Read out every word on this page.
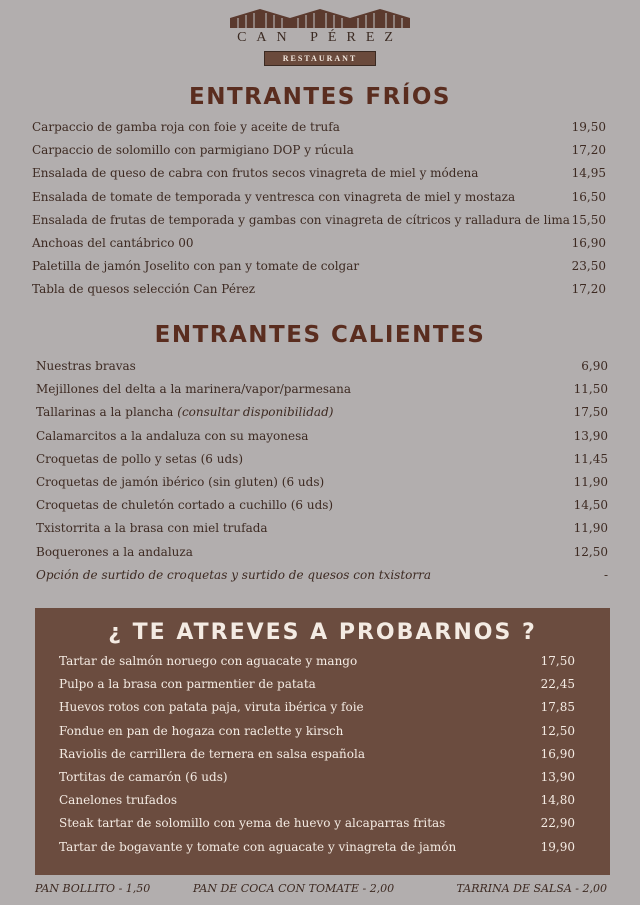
CAN PÉREZ
RESTAURANT
ENTRANTES FRÍOS
Carpaccio de gamba roja con foie y aceite de trufa	19,50
Carpaccio de solomillo con parmigiano DOP y rúcula	17,20
Ensalada de queso de cabra con frutos secos vinagreta de miel y módena	14,95
Ensalada de tomate de temporada y ventresca con vinagreta de miel y mostaza	16,50
Ensalada de frutas de temporada y gambas con vinagreta de cítricos y ralladura de lima 15,50
Anchoas del cantábrico 00	16,90
Paletilla de jamón Joselito con pan y tomate de colgar	23,50
Tabla de quesos selección Can Pérez	17,20
ENTRANTES CALIENTES
Nuestras bravas	6,90
Mejillones del delta a la marinera/vapor/parmesana	11,50
Tallarinas a la plancha (consultar disponibilidad)	17,50
Calamarcitos a la andaluza con su mayonesa	13,90
Croquetas de pollo y setas (6 uds)	11,45
Croquetas de jamón ibérico (sin gluten) (6 uds)	11,90
Croquetas de chuletón cortado a cuchillo (6 uds)	14,50
Txistorrita a la brasa con miel trufada	11,90
Boquerones a la andaluza	12,50
Opción de surtido de croquetas y surtido de quesos con txistorra	-
¿ TE ATREVES A PROBARNOS ?
Tartar de salmón noruego con aguacate y mango	17,50
Pulpo a la brasa con parmentier de patata	22,45
Huevos rotos con patata paja, viruta ibérica y foie	17,85
Fondue en pan de hogaza con raclette y kirsch	12,50
Raviolis de carrillera de ternera en salsa española	16,90
Tortitas de camarón (6 uds)	13,90
Canelones trufados	14,80
Steak tartar de solomillo con yema de huevo y alcaparras fritas	22,90
Tartar de bogavante y tomate con aguacate y vinagreta de jamón	19,90
PAN BOLLITO - 1,50	PAN DE COCA CON TOMATE - 2,00	TARRINA DE SALSA - 2,00
